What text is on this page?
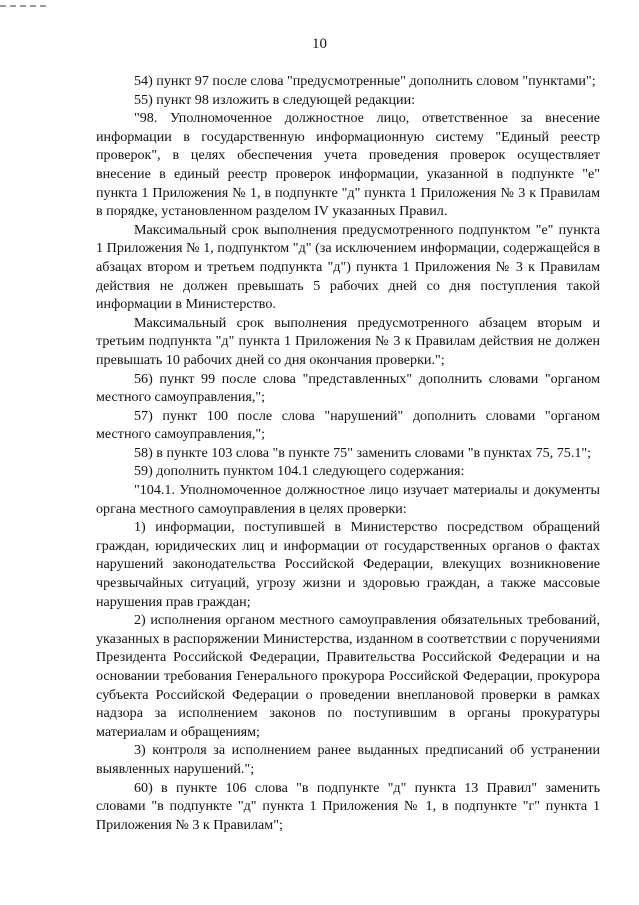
10

54) пункт 97 после слова "предусмотренные" дополнить словом "пунктами";

55) пункт 98 изложить в следующей редакции:

"98. Уполномоченное должностное лицо, ответственное за внесение информации в государственную информационную систему "Единый реестр проверок", в целях обеспечения учета проведения проверок осуществляет внесение в единый реестр проверок информации, указанной в подпункте "е" пункта 1 Приложения № 1, в подпункте "д" пункта 1 Приложения № 3 к Правилам в порядке, установленном разделом IV указанных Правил.

Максимальный срок выполнения предусмотренного подпунктом "е" пункта 1 Приложения № 1, подпунктом "д" (за исключением информации, содержащейся в абзацах втором и третьем подпункта "д") пункта 1 Приложения № 3 к Правилам действия не должен превышать 5 рабочих дней со дня поступления такой информации в Министерство.

Максимальный срок выполнения предусмотренного абзацем вторым и третьим подпункта "д" пункта 1 Приложения № 3 к Правилам действия не должен превышать 10 рабочих дней со дня окончания проверки.";

56) пункт 99 после слова "представленных" дополнить словами "органом местного самоуправления,";

57) пункт 100 после слова "нарушений" дополнить словами "органом местного самоуправления,";

58) в пункте 103 слова "в пункте 75" заменить словами "в пунктах 75, 75.1";

59) дополнить пунктом 104.1 следующего содержания:

"104.1. Уполномоченное должностное лицо изучает материалы и документы органа местного самоуправления в целях проверки:

1) информации, поступившей в Министерство посредством обращений граждан, юридических лиц и информации от государственных органов о фактах нарушений законодательства Российской Федерации, влекущих возникновение чрезвычайных ситуаций, угрозу жизни и здоровью граждан, а также массовые нарушения прав граждан;

2) исполнения органом местного самоуправления обязательных требований, указанных в распоряжении Министерства, изданном в соответствии с поручениями Президента Российской Федерации, Правительства Российской Федерации и на основании требования Генерального прокурора Российской Федерации, прокурора субъекта Российской Федерации о проведении внеплановой проверки в рамках надзора за исполнением законов по поступившим в органы прокуратуры материалам и обращениям;

3) контроля за исполнением ранее выданных предписаний об устранении выявленных нарушений.";

60) в пункте 106 слова "в подпункте "д" пункта 13 Правил" заменить словами "в подпункте "д" пункта 1 Приложения № 1, в подпункте "г" пункта 1 Приложения № 3 к Правилам";
